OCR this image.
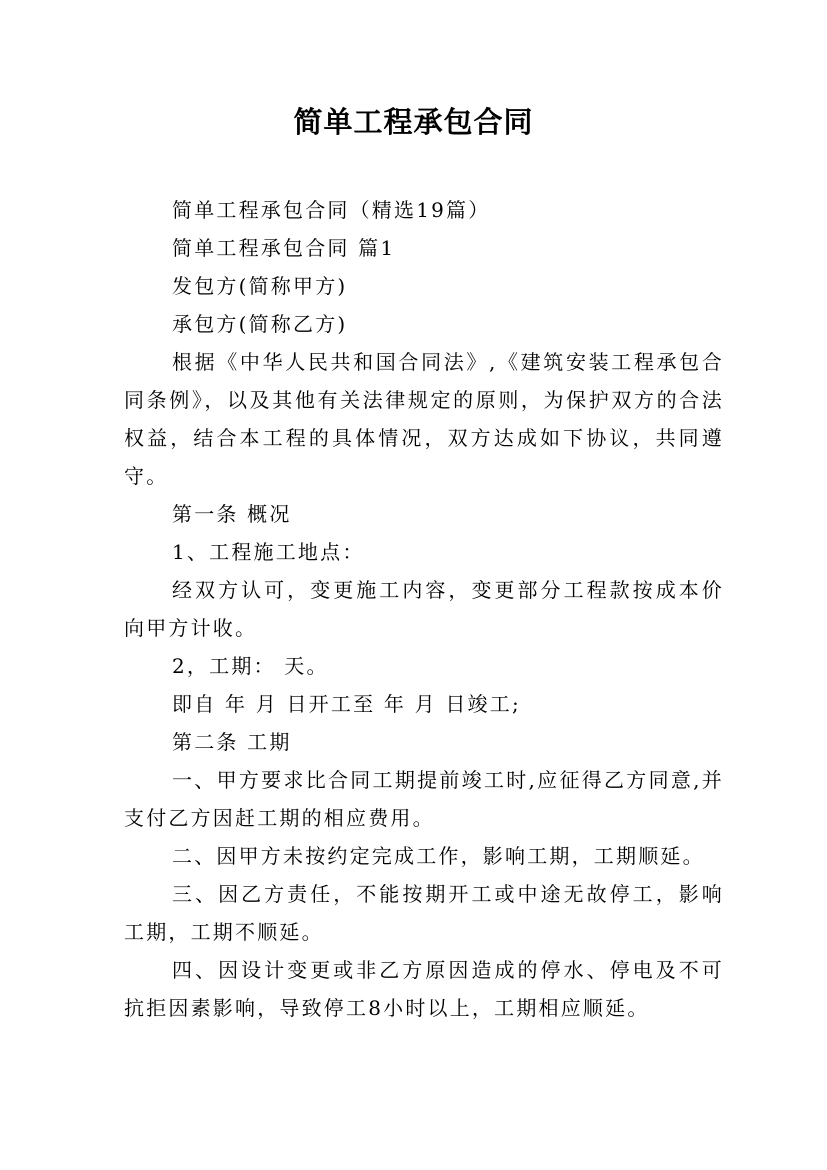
简单工程承包合同

简单工程承包合同（精选19篇）

简单工程承包合同 篇1

发包方(简称甲方)

承包方(简称乙方)

根据《中华人民共和国合同法》,《建筑安装工程承包合同条例》，以及其他有关法律规定的原则，为保护双方的合法权益，结合本工程的具体情况，双方达成如下协议，共同遵守。

第一条 概况

1、工程施工地点：

经双方认可，变更施工内容，变更部分工程款按成本价向甲方计收。

2，工期： 天。

即自 年 月 日开工至 年 月 日竣工;

第二条 工期

一、甲方要求比合同工期提前竣工时,应征得乙方同意,并支付乙方因赶工期的相应费用。

二、因甲方未按约定完成工作，影响工期，工期顺延。

三、因乙方责任，不能按期开工或中途无故停工，影响工期，工期不顺延。

四、因设计变更或非乙方原因造成的停水、停电及不可抗拒因素影响，导致停工8小时以上，工期相应顺延。
